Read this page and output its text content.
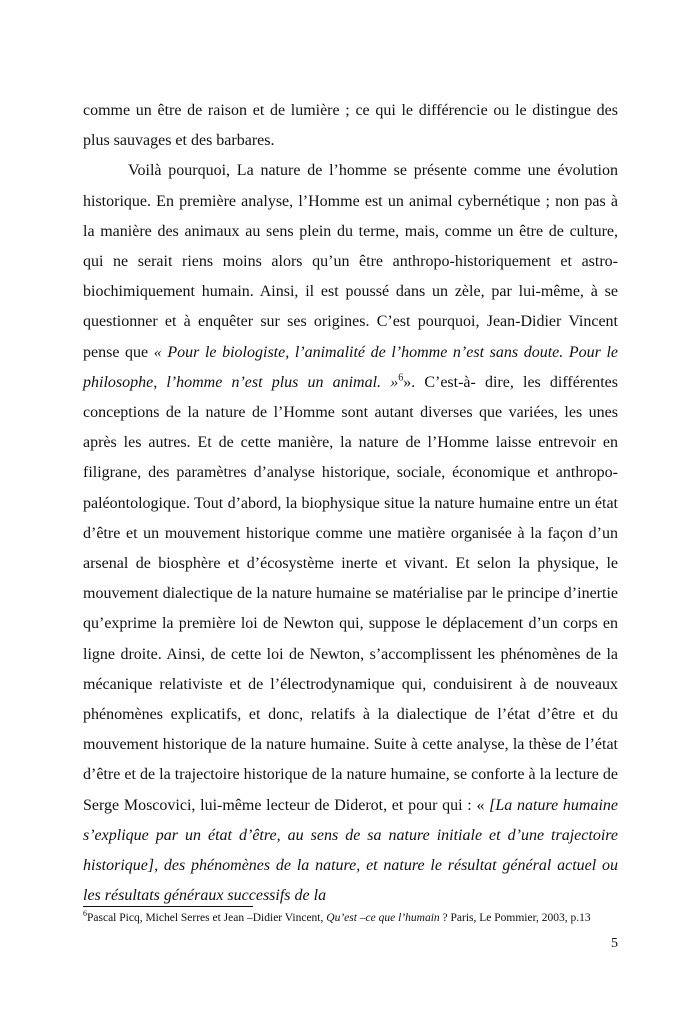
comme un être de raison et de lumière ; ce qui le différencie ou le distingue des plus sauvages et des barbares.

Voilà pourquoi, La nature de l’homme se présente comme une évolution historique. En première analyse, l’Homme est un animal cybernétique ; non pas à la manière des animaux au sens plein du terme, mais, comme un être de culture, qui ne serait riens moins alors qu’un être anthropo-historiquement et astro-biochimiquement humain. Ainsi, il est poussé dans un zèle, par lui-même, à se questionner et à enquêter sur ses origines. C’est pourquoi, Jean-Didier Vincent pense que « Pour le biologiste, l’animalité de l’homme n’est sans doute. Pour le philosophe, l’homme n’est plus un animal. »$^6$». C’est-à- dire, les différentes conceptions de la nature de l’Homme sont autant diverses que variées, les unes après les autres. Et de cette manière, la nature de l’Homme laisse entrevoir en filigrane, des paramètres d’analyse historique, sociale, économique et anthropo-paléontologique. Tout d’abord, la biophysique situe la nature humaine entre un état d’être et un mouvement historique comme une matière organisée à la façon d’un arsenal de biosphère et d’écosystème inerte et vivant. Et selon la physique, le mouvement dialectique de la nature humaine se matérialise par le principe d’inertie qu’exprime la première loi de Newton qui, suppose le déplacement d’un corps en ligne droite. Ainsi, de cette loi de Newton, s’accomplissent les phénomènes de la mécanique relativiste et de l’électrodynamique qui, conduisirent à de nouveaux phénomènes explicatifs, et donc, relatifs à la dialectique de l’état d’être et du mouvement historique de la nature humaine. Suite à cette analyse, la thèse de l’état d’être et de la trajectoire historique de la nature humaine, se conforte à la lecture de Serge Moscovici, lui-même lecteur de Diderot, et pour qui : « [La nature humaine s’explique par un état d’être, au sens de sa nature initiale et d’une trajectoire historique], des phénomènes de la nature, et nature le résultat général actuel ou les résultats généraux successifs de la

$^6$Pascal Picq, Michel Serres et Jean –Didier Vincent, Qu’est –ce que l’humain ? Paris, Le Pommier, 2003, p.13
5
